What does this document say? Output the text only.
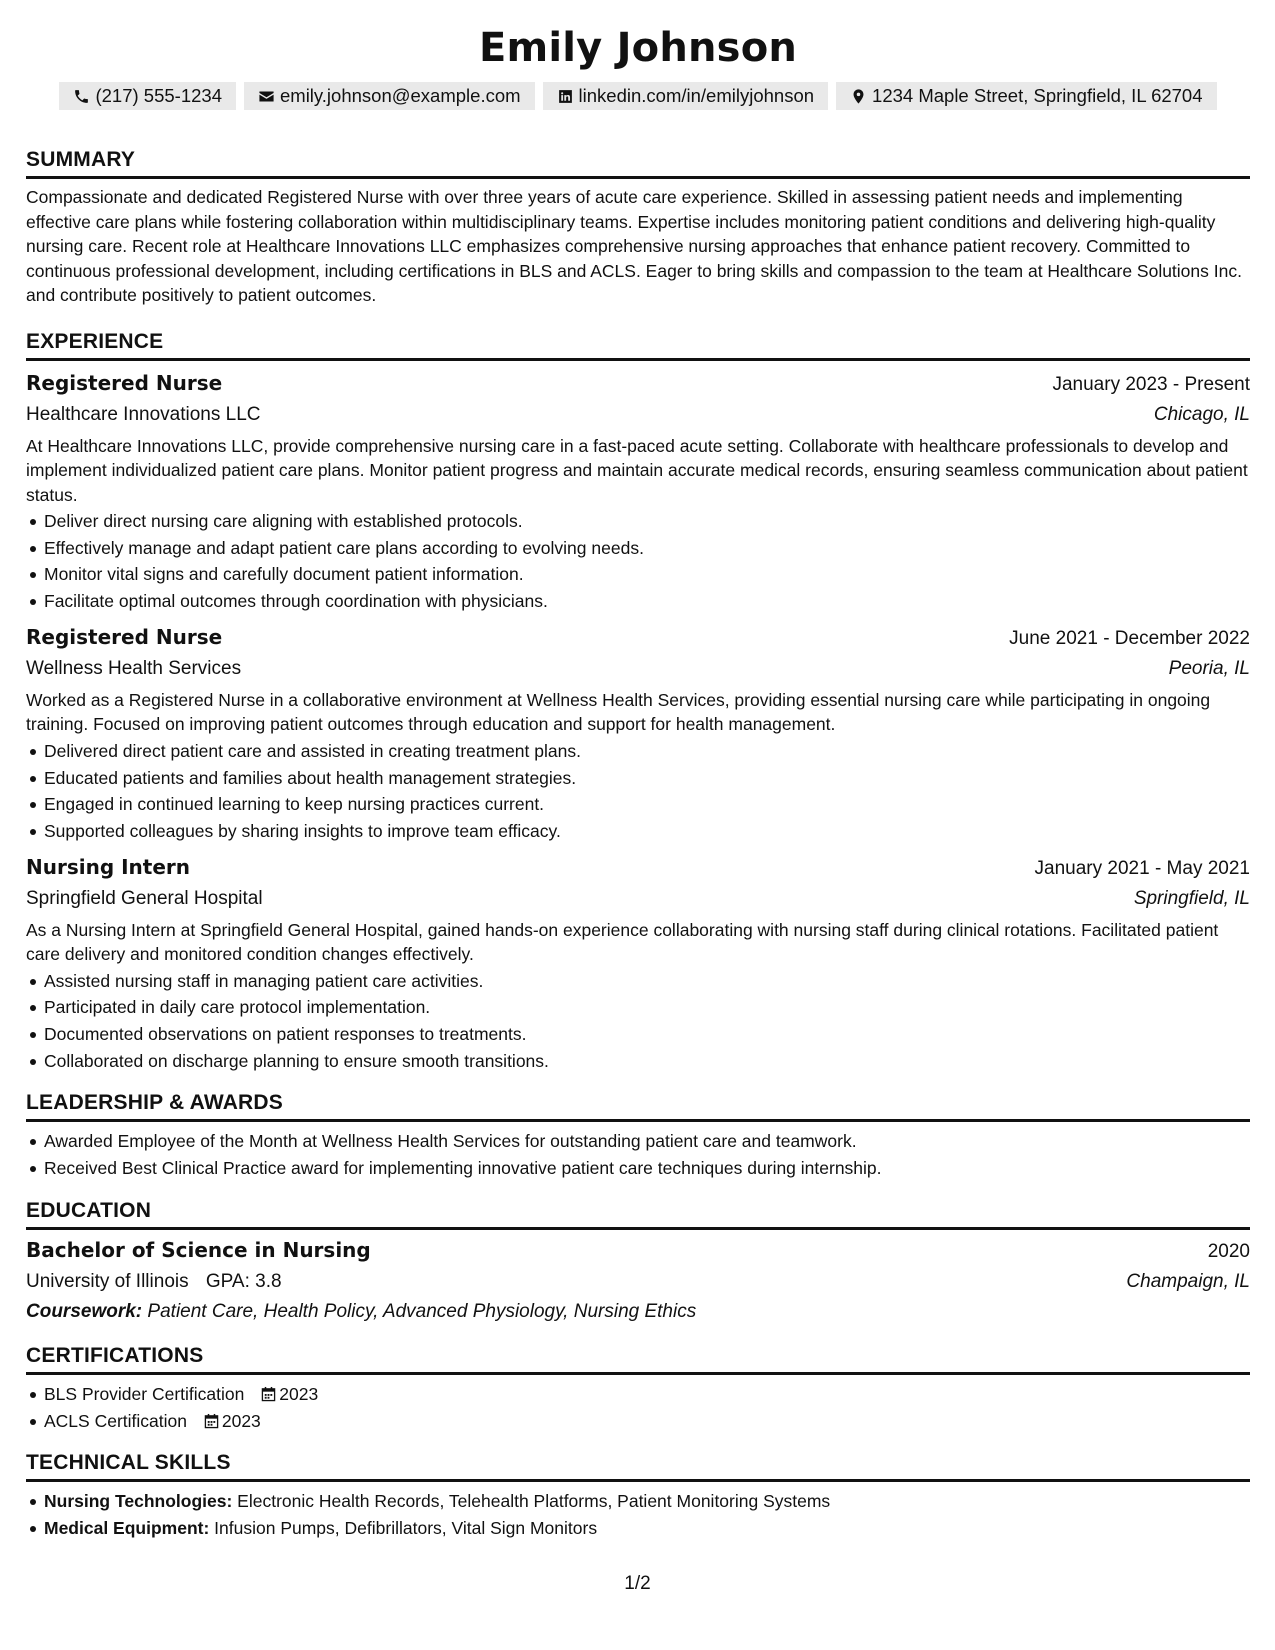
Emily Johnson
(217) 555-1234	emily.johnson@example.com	linkedin.com/in/emilyjohnson	1234 Maple Street, Springfield, IL 62704
SUMMARY

Compassionate and dedicated Registered Nurse with over three years of acute care experience. Skilled in assessing patient needs and implementing effective care plans while fostering collaboration within multidisciplinary teams. Expertise includes monitoring patient conditions and delivering high-quality nursing care. Recent role at Healthcare Innovations LLC emphasizes comprehensive nursing approaches that enhance patient recovery. Committed to continuous professional development, including certifications in BLS and ACLS. Eager to bring skills and compassion to the team at Healthcare Solutions Inc. and contribute positively to patient outcomes.

EXPERIENCE
Registered Nurse	January 2023 - Present
Healthcare Innovations LLC	Chicago, IL

At Healthcare Innovations LLC, provide comprehensive nursing care in a fast-paced acute setting. Collaborate with healthcare professionals to develop and implement individualized patient care plans. Monitor patient progress and maintain accurate medical records, ensuring seamless communication about patient status.

Deliver direct nursing care aligning with established protocols.
Effectively manage and adapt patient care plans according to evolving needs.
Monitor vital signs and carefully document patient information.
Facilitate optimal outcomes through coordination with physicians.
Registered Nurse	June 2021 - December 2022
Wellness Health Services	Peoria, IL

Worked as a Registered Nurse in a collaborative environment at Wellness Health Services, providing essential nursing care while participating in ongoing training. Focused on improving patient outcomes through education and support for health management.

Delivered direct patient care and assisted in creating treatment plans.
Educated patients and families about health management strategies.
Engaged in continued learning to keep nursing practices current.
Supported colleagues by sharing insights to improve team efficacy.
Nursing Intern	January 2021 - May 2021
Springfield General Hospital	Springfield, IL

As a Nursing Intern at Springfield General Hospital, gained hands-on experience collaborating with nursing staff during clinical rotations. Facilitated patient care delivery and monitored condition changes effectively.

Assisted nursing staff in managing patient care activities.
Participated in daily care protocol implementation.
Documented observations on patient responses to treatments.
Collaborated on discharge planning to ensure smooth transitions.
LEADERSHIP & AWARDS
Awarded Employee of the Month at Wellness Health Services for outstanding patient care and teamwork.
Received Best Clinical Practice award for implementing innovative patient care techniques during internship.
EDUCATION
Bachelor of Science in Nursing	2020
University of Illinois GPA: 3.8	Champaign, IL
Coursework: Patient Care, Health Policy, Advanced Physiology, Nursing Ethics
CERTIFICATIONS
BLS Provider Certification 2023
ACLS Certification 2023
TECHNICAL SKILLS
Nursing Technologies: Electronic Health Records, Telehealth Platforms, Patient Monitoring Systems
Medical Equipment: Infusion Pumps, Defibrillators, Vital Sign Monitors
1/2
